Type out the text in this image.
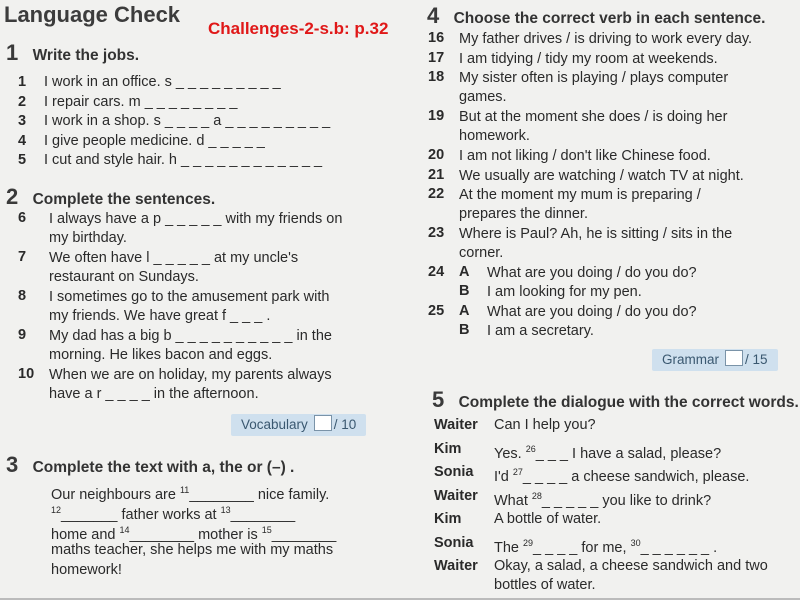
Language Check
Challenges-2-s.b: p.32
1 Write the jobs.
1 I work in an office. s _ _ _ _ _ _ _ _ _
2 I repair cars. m _ _ _ _ _ _ _ _
3 I work in a shop. s _ _ _ _ a _ _ _ _ _ _ _ _ _
4 I give people medicine. d _ _ _ _ _
5 I cut and style hair. h _ _ _ _ _ _ _ _ _ _ _ _
2 Complete the sentences.
6 I always have a p _ _ _ _ _ with my friends on
my birthday.
7 We often have l _ _ _ _ _ at my uncle's
restaurant on Sundays.
8 I sometimes go to the amusement park with
my friends. We have great f _ _ _ .
9 My dad has a big b _ _ _ _ _ _ _ _ _ _ in the
morning. He likes bacon and eggs.
10 When we are on holiday, my parents always
have a r _ _ _ _ in the afternoon.
Vocabulary / 10
3 Complete the text with a, the or (–) .
Our neighbours are $^{11}$________ nice family.
$^{12}$_______ father works at $^{13}$________
home and $^{14}$________ mother is $^{15}$________
maths teacher, she helps me with my maths
homework!
4 Choose the correct verb in each sentence.
16 My father drives / is driving to work every day.
17 I am tidying / tidy my room at weekends.
18 My sister often is playing / plays computer
games.
19 But at the moment she does / is doing her
homework.
20 I am not liking / don't like Chinese food.
21 We usually are watching / watch TV at night.
22 At the moment my mum is preparing /
prepares the dinner.
23 Where is Paul? Ah, he is sitting / sits in the
corner.
24 A What are you doing / do you do?
B I am looking for my pen.
25 A What are you doing / do you do?
B I am a secretary.
Grammar / 15
5 Complete the dialogue with the correct words.
Waiter Can I help you?
Kim Yes. $^{26}$_ _ _ I have a salad, please?
Sonia I'd $^{27}$_ _ _ _ a cheese sandwich, please.
Waiter What $^{28}$_ _ _ _ _ you like to drink?
Kim A bottle of water.
Sonia The $^{29}$_ _ _ _ for me, $^{30}$_ _ _ _ _ _ .
Waiter Okay, a salad, a cheese sandwich and two
bottles of water.
